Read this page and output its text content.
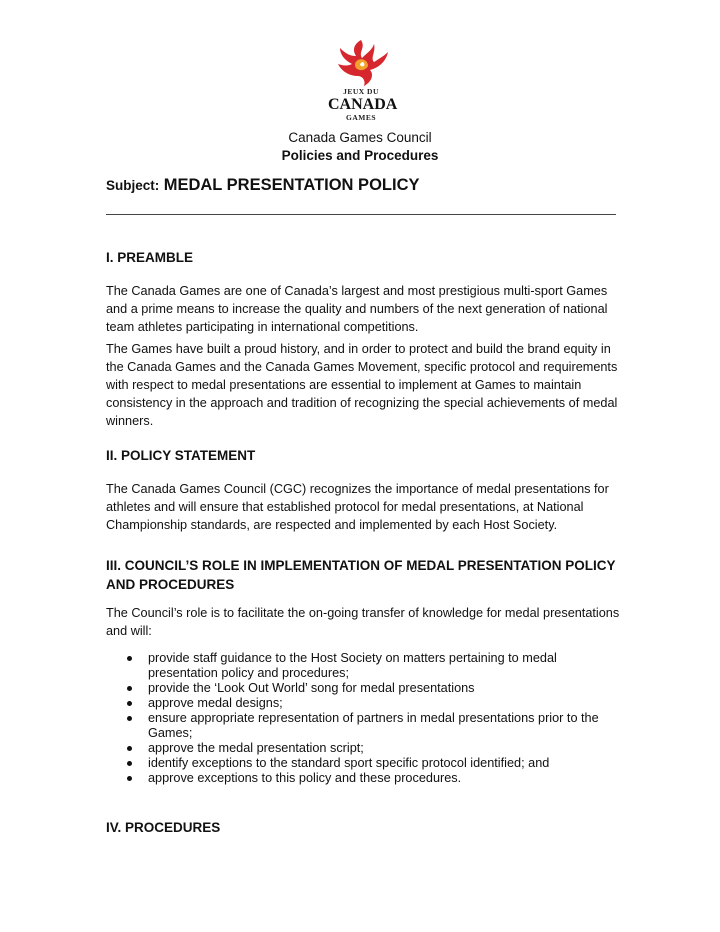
JEUX DU
CANADA
GAMES
Canada Games Council
Policies and Procedures
Subject: MEDAL PRESENTATION POLICY
I. PREAMBLE

The Canada Games are one of Canada’s largest and most prestigious multi-sport Games and a prime means to increase the quality and numbers of the next generation of national team athletes participating in international competitions.

The Games have built a proud history, and in order to protect and build the brand equity in the Canada Games and the Canada Games Movement, specific protocol and requirements with respect to medal presentations are essential to implement at Games to maintain consistency in the approach and tradition of recognizing the special achievements of medal winners.

II. POLICY STATEMENT

The Canada Games Council (CGC) recognizes the importance of medal presentations for athletes and will ensure that established protocol for medal presentations, at National Championship standards, are respected and implemented by each Host Society.

III. COUNCIL’S ROLE IN IMPLEMENTATION OF MEDAL PRESENTATION POLICY AND PROCEDURES

The Council’s role is to facilitate the on-going transfer of knowledge for medal presentations and will:

provide staff guidance to the Host Society on matters pertaining to medal presentation policy and procedures;
provide the ‘Look Out World’ song for medal presentations
approve medal designs;
ensure appropriate representation of partners in medal presentations prior to the Games;
approve the medal presentation script;
identify exceptions to the standard sport specific protocol identified; and
approve exceptions to this policy and these procedures.
IV. PROCEDURES
